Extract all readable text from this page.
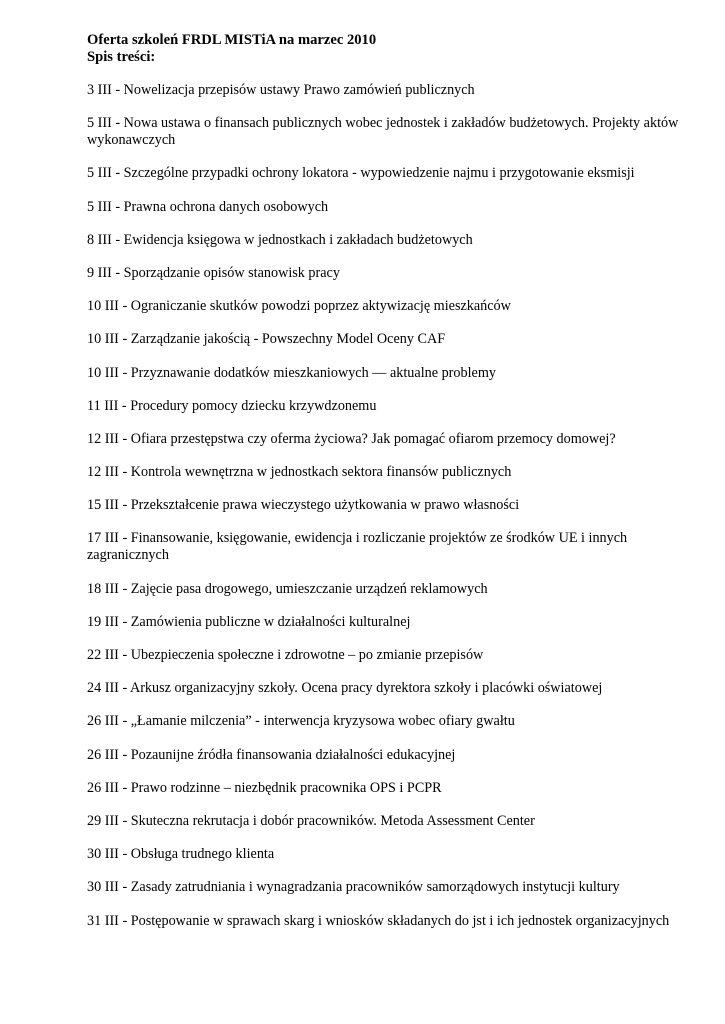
Oferta szkoleń FRDL MISTiA na marzec 2010
Spis treści:

3 III - Nowelizacja przepisów ustawy Prawo zamówień publicznych

5 III - Nowa ustawa o finansach publicznych wobec jednostek i zakładów budżetowych. Projekty aktów wykonawczych

5 III - Szczególne przypadki ochrony lokatora - wypowiedzenie najmu i przygotowanie eksmisji

5 III - Prawna ochrona danych osobowych

8 III - Ewidencja księgowa w jednostkach i zakładach budżetowych

9 III - Sporządzanie opisów stanowisk pracy

10 III - Ograniczanie skutków powodzi poprzez aktywizację mieszkańców

10 III - Zarządzanie jakością - Powszechny Model Oceny CAF

10 III - Przyznawanie dodatków mieszkaniowych — aktualne problemy

11 III - Procedury pomocy dziecku krzywdzonemu

12 III - Ofiara przestępstwa czy oferma życiowa? Jak pomagać ofiarom przemocy domowej?

12 III - Kontrola wewnętrzna w jednostkach sektora finansów publicznych

15 III - Przekształcenie prawa wieczystego użytkowania w prawo własności

17 III - Finansowanie, księgowanie, ewidencja i rozliczanie projektów ze środków UE i innych zagranicznych

18 III - Zajęcie pasa drogowego, umieszczanie urządzeń reklamowych

19 III - Zamówienia publiczne w działalności kulturalnej

22 III - Ubezpieczenia społeczne i zdrowotne – po zmianie przepisów

24 III - Arkusz organizacyjny szkoły. Ocena pracy dyrektora szkoły i placówki oświatowej

26 III - „Łamanie milczenia” - interwencja kryzysowa wobec ofiary gwałtu

26 III - Pozaunijne źródła finansowania działalności edukacyjnej

26 III - Prawo rodzinne – niezbędnik pracownika OPS i PCPR

29 III - Skuteczna rekrutacja i dobór pracowników. Metoda Assessment Center

30 III - Obsługa trudnego klienta

30 III - Zasady zatrudniania i wynagradzania pracowników samorządowych instytucji kultury

31 III - Postępowanie w sprawach skarg i wniosków składanych do jst i ich jednostek organizacyjnych
